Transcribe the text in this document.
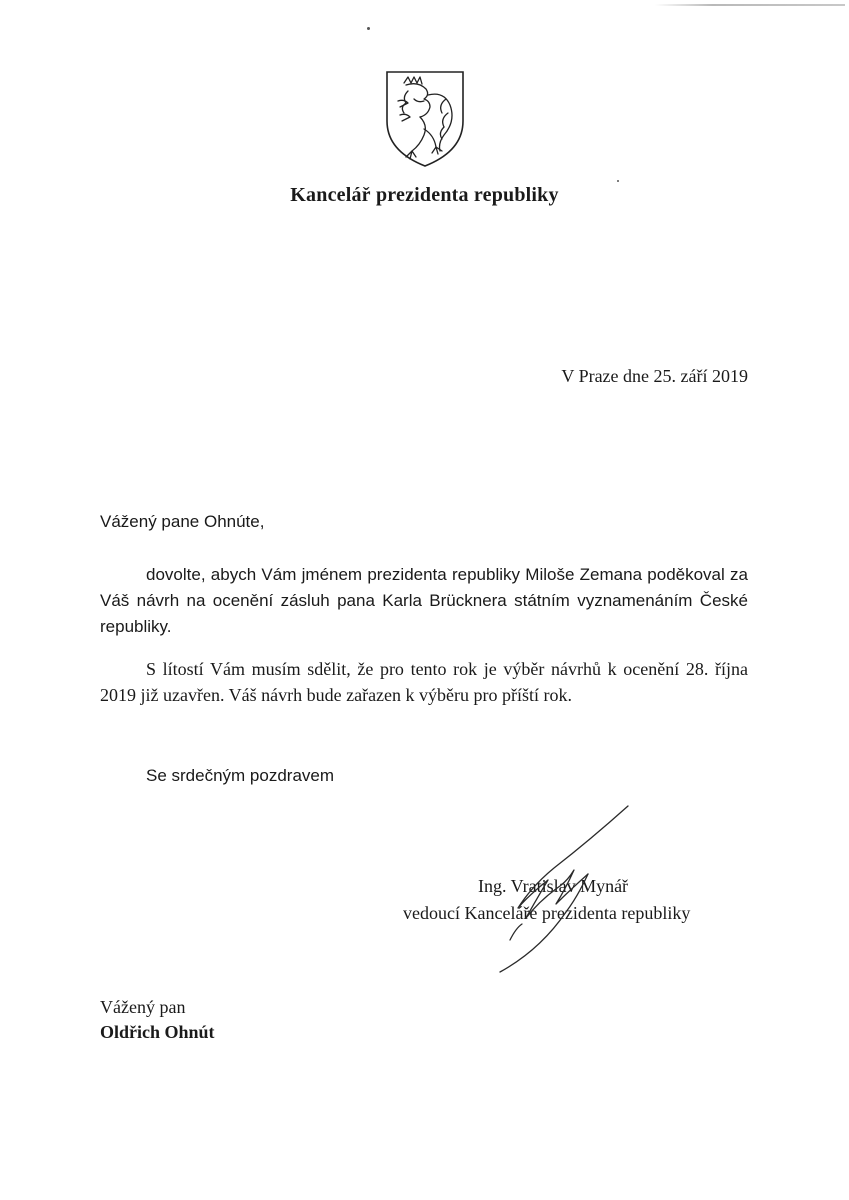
Kancelář prezidenta republiky
V Praze dne 25. září 2019
Vážený pane Ohnúte,

dovolte, abych Vám jménem prezidenta republiky Miloše Zemana poděkoval za Váš návrh na ocenění zásluh pana Karla Brücknera státním vyznamenáním České republiky.

S lítostí Vám musím sdělit, že pro tento rok je výběr návrhů k ocenění 28. října 2019 již uzavřen. Váš návrh bude zařazen k výběru pro příští rok.

Se srdečným pozdravem
Ing. Vratislav Mynář
vedoucí Kanceláře prezidenta republiky
Vážený pan
Oldřich Ohnút
